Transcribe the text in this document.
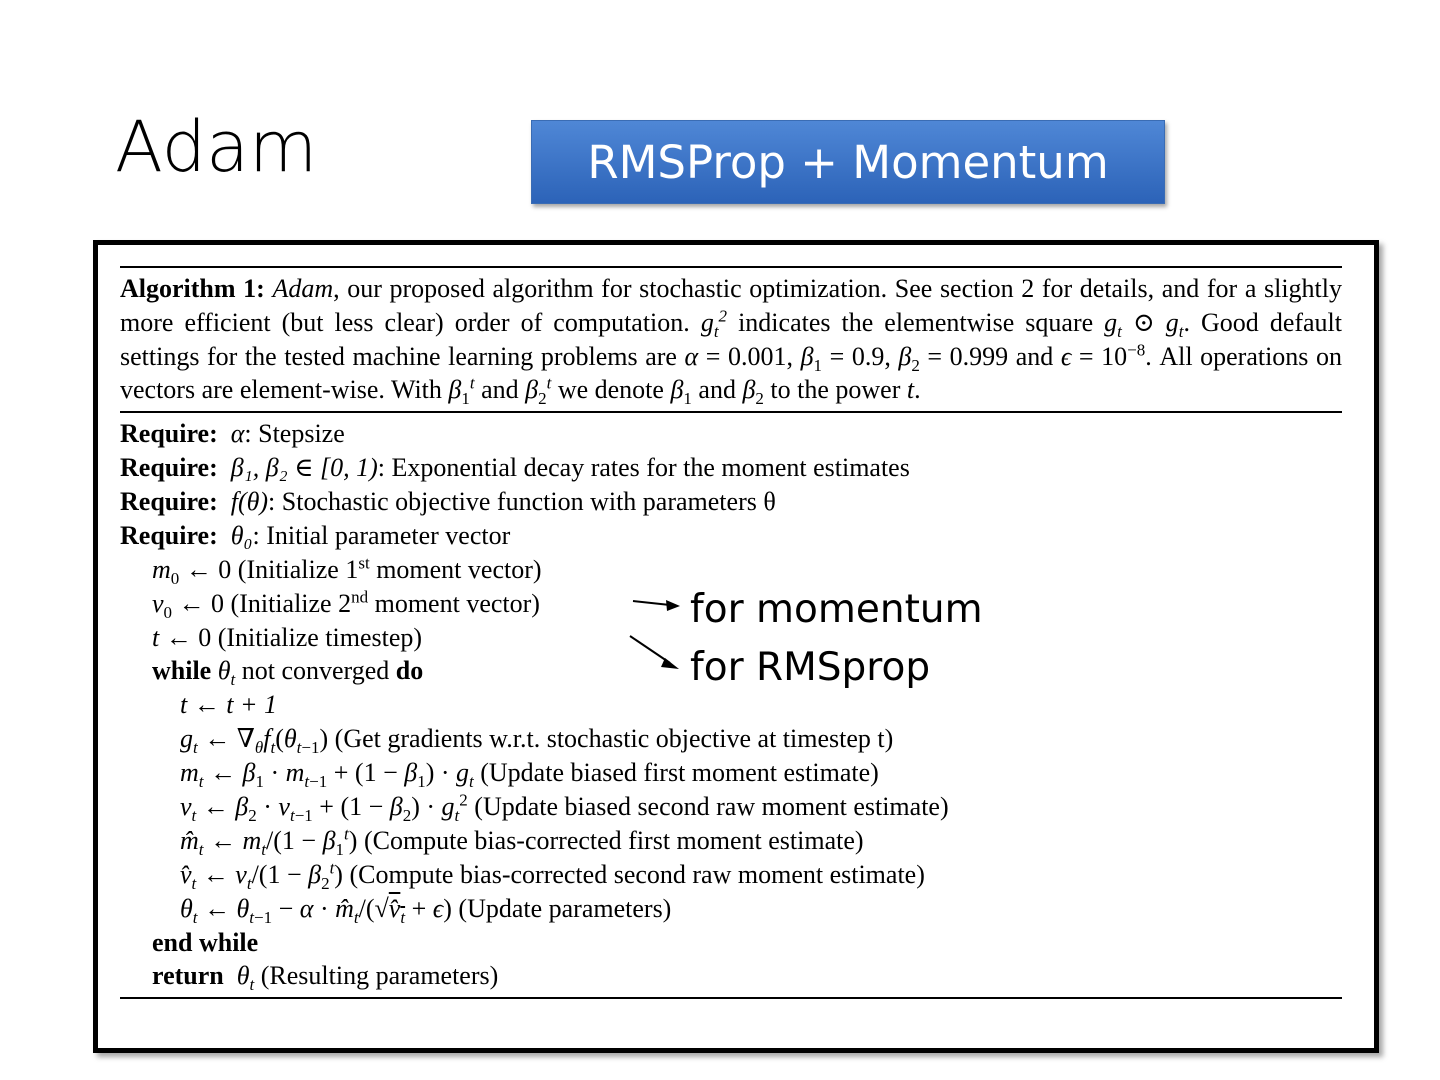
Adam	RMSProp + Momentum
Algorithm 1: Adam, our proposed algorithm for stochastic optimization. See section 2 for details, and for a slightly more efficient (but less clear) order of computation. $g_t^2$ indicates the elementwise square $g_t$ ⊙ $g_t$. Good default settings for the tested machine learning problems are α = 0.001, $\beta_1 = 0.9$, $\beta_2 = 0.999$ and $\epsilon = 10^{-8}$. All operations on vectors are element-wise. With $\beta_1^t$ and $\beta_2^t$ we denote $\beta_1$ and $\beta_2$ to the power t.
Require: α: Stepsize
Require: β₁, β₂ ∈ [0, 1): Exponential decay rates for the moment estimates
Require: f(θ): Stochastic objective function with parameters θ
Require: θ₀: Initial parameter vector
$m_0$ ← 0 (Initialize 1st moment vector)
$v_0$ ← 0 (Initialize 2nd moment vector)
t ← 0 (Initialize timestep)
while $\theta_t$ not converged do
t ← t + 1
$g_t$ ← $\nabla_\theta f_t(\theta_{t-1})$ (Get gradients w.r.t. stochastic objective at timestep t)
$m_t$ ← $\beta_1 \cdot m_{t-1} + (1 - \beta_1) \cdot g_t$ (Update biased first moment estimate)
$v_t$ ← $\beta_2 \cdot v_{t-1} + (1 - \beta_2) \cdot g_t^2$ (Update biased second raw moment estimate)
$m̂_t$ ← $m_t/(1 - \beta_1^t)$ (Compute bias-corrected first moment estimate)
$v̂_t$ ← $v_t/(1 - \beta_2^t)$ (Compute bias-corrected second raw moment estimate)
$\theta_t$ ← $\theta_{t-1} - \alpha$ · $m̂_t/(√v̂_t + \epsilon)$ (Update parameters)
end while
return $\theta_t$ (Resulting parameters)
for momentum
for RMSprop
